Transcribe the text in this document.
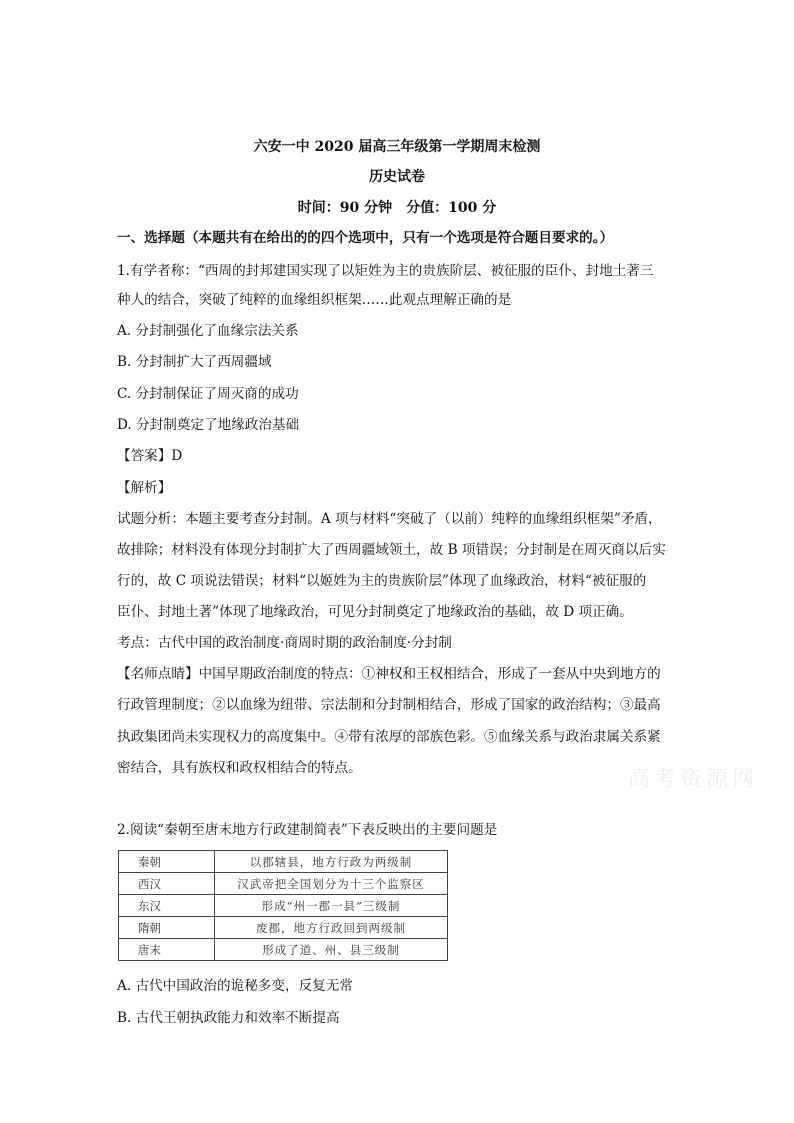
六安一中 2020 届高三年级第一学期周末检测
历史试卷
时间：90 分钟　分值：100 分
一、选择题（本题共有在给出的的四个选项中，只有一个选项是符合题目要求的。）
1.有学者称：“西周的封邦建国实现了以矩姓为主的贵族阶层、被征服的臣仆、封地土著三
种人的结合，突破了纯粹的血缘组织框架……此观点理解正确的是
A. 分封制强化了血缘宗法关系
B. 分封制扩大了西周疆域
C. 分封制保证了周灭商的成功
D. 分封制奠定了地缘政治基础
【答案】D
【解析】
试题分析：本题主要考查分封制。A 项与材料“突破了（以前）纯粹的血缘组织框架”矛盾，
故排除；材料没有体现分封制扩大了西周疆域领土，故 B 项错误；分封制是在周灭商以后实
行的，故 C 项说法错误；材料“以姬姓为主的贵族阶层”体现了血缘政治，材料“被征服的
臣仆、封地土著”体现了地缘政治，可见分封制奠定了地缘政治的基础，故 D 项正确。
考点：古代中国的政治制度·商周时期的政治制度·分封制
【名师点睛】中国早期政治制度的特点：①神权和王权相结合，形成了一套从中央到地方的
行政管理制度；②以血缘为纽带、宗法制和分封制相结合，形成了国家的政治结构；③最高
执政集团尚未实现权力的高度集中。④带有浓厚的部族色彩。⑤血缘关系与政治隶属关系紧
密结合，具有族权和政权相结合的特点。	高考资源网
2.阅读“秦朝至唐末地方行政建制简表”下表反映出的主要问题是
秦朝	以郡辖县，地方行政为两级制
西汉	汉武帝把全国划分为十三个监察区
东汉	形成“州一郡一县”三级制
隋朝	废郡，地方行政回到两级制
唐末	形成了道、州、县三级制
A. 古代中国政治的诡秘多变，反复无常
B. 古代王朝执政能力和效率不断提高
